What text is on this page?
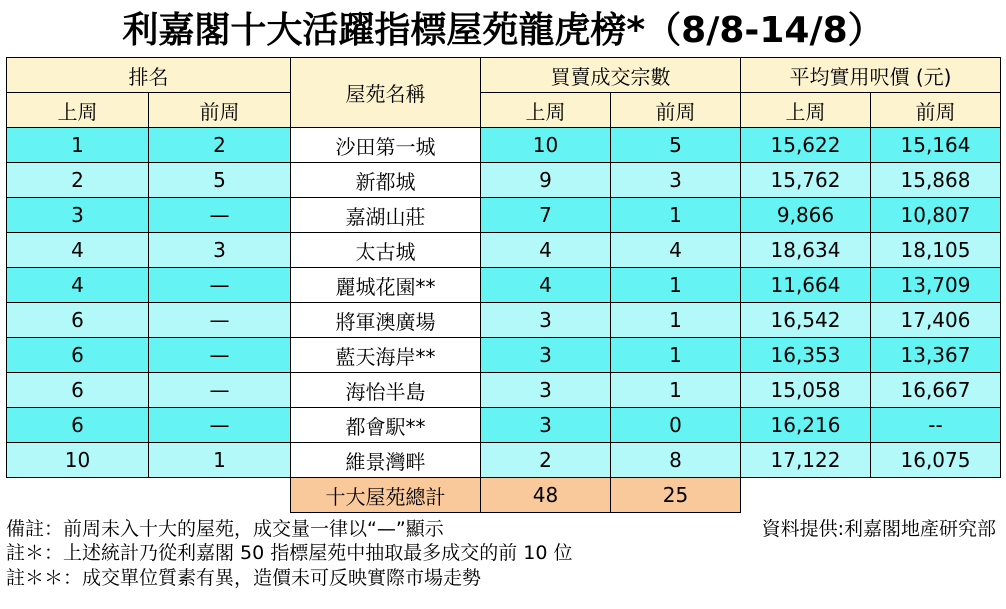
利嘉閣十大活躍指標屋苑龍虎榜*（8/8-14/8）
排名		屋苑名稱	買賣成交宗數		平均實用呎價 (元)	
上周	前周		上周	前周	上周	前周
1	2	沙田第一城	10	5	15,622	15,164
2	5	新都城	9	3	15,762	15,868
3	—	嘉湖山莊	7	1	9,866	10,807
4	3	太古城	4	4	18,634	18,105
4	—	麗城花園**	4	1	11,664	13,709
6	—	將軍澳廣場	3	1	16,542	17,406
6	—	藍天海岸**	3	1	16,353	13,367
6	—	海怡半島	3	1	15,058	16,667
6	—	都會駅**	3	0	16,216	--
10	1	維景灣畔	2	8	17,122	16,075
		十大屋苑總計	48	25		
備註：前周未入十大的屋苑，成交量一律以“—”顯示	資料提供:利嘉閣地產研究部
註＊：上述統計乃從利嘉閣 50 指標屋苑中抽取最多成交的前 10 位
註＊＊：成交單位質素有異，造價未可反映實際市場走勢
